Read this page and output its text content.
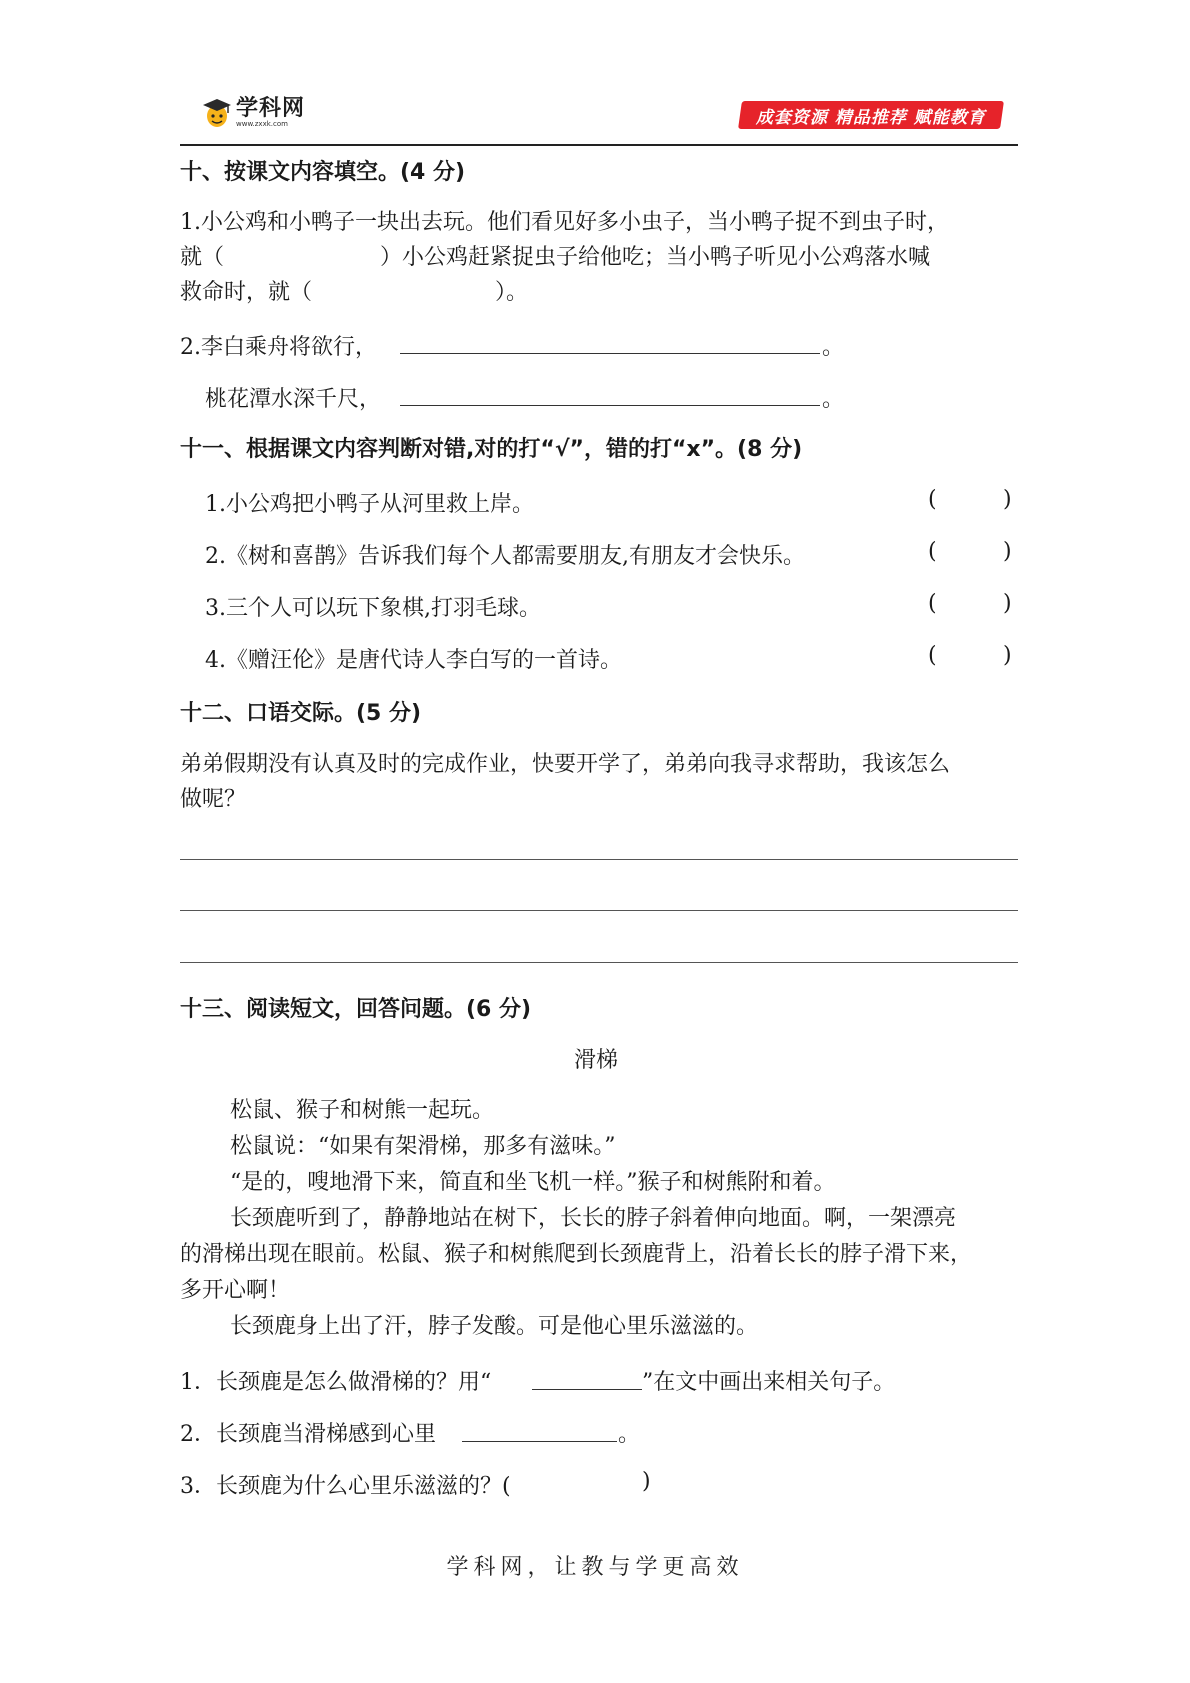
学科网
www.zxxk.com	成套资源 精品推荐 赋能教育
十、按课文内容填空。(4 分)
1.小公鸡和小鸭子一块出去玩。他们看见好多小虫子，当小鸭子捉不到虫子时，
就（	）小公鸡赶紧捉虫子给他吃；当小鸭子听见小公鸡落水喊
救命时，就（	）。
2.李白乘舟将欲行，	。
桃花潭水深千尺，	。
十一、根据课文内容判断对错,对的打“√”，错的打“x”。(8 分)
1.小公鸡把小鸭子从河里救上岸。	(	)
2.《树和喜鹊》告诉我们每个人都需要朋友,有朋友才会快乐。	(	)
3.三个人可以玩下象棋,打羽毛球。	(	)
4.《赠汪伦》是唐代诗人李白写的一首诗。	(	)
十二、口语交际。(5 分)
弟弟假期没有认真及时的完成作业，快要开学了，弟弟向我寻求帮助，我该怎么
做呢？
十三、阅读短文，回答问题。(6 分)
滑梯
松鼠、猴子和树熊一起玩。
松鼠说：“如果有架滑梯，那多有滋味。”
“是的，嗖地滑下来，简直和坐飞机一样。”猴子和树熊附和着。
长颈鹿听到了，静静地站在树下，长长的脖子斜着伸向地面。啊，一架漂亮
的滑梯出现在眼前。松鼠、猴子和树熊爬到长颈鹿背上，沿着长长的脖子滑下来，
多开心啊！
长颈鹿身上出了汗，脖子发酸。可是他心里乐滋滋的。
1．长颈鹿是怎么做滑梯的？用“	”在文中画出来相关句子。
2．长颈鹿当滑梯感到心里	。
3．长颈鹿为什么心里乐滋滋的？(	)
学科网，让教与学更高效
